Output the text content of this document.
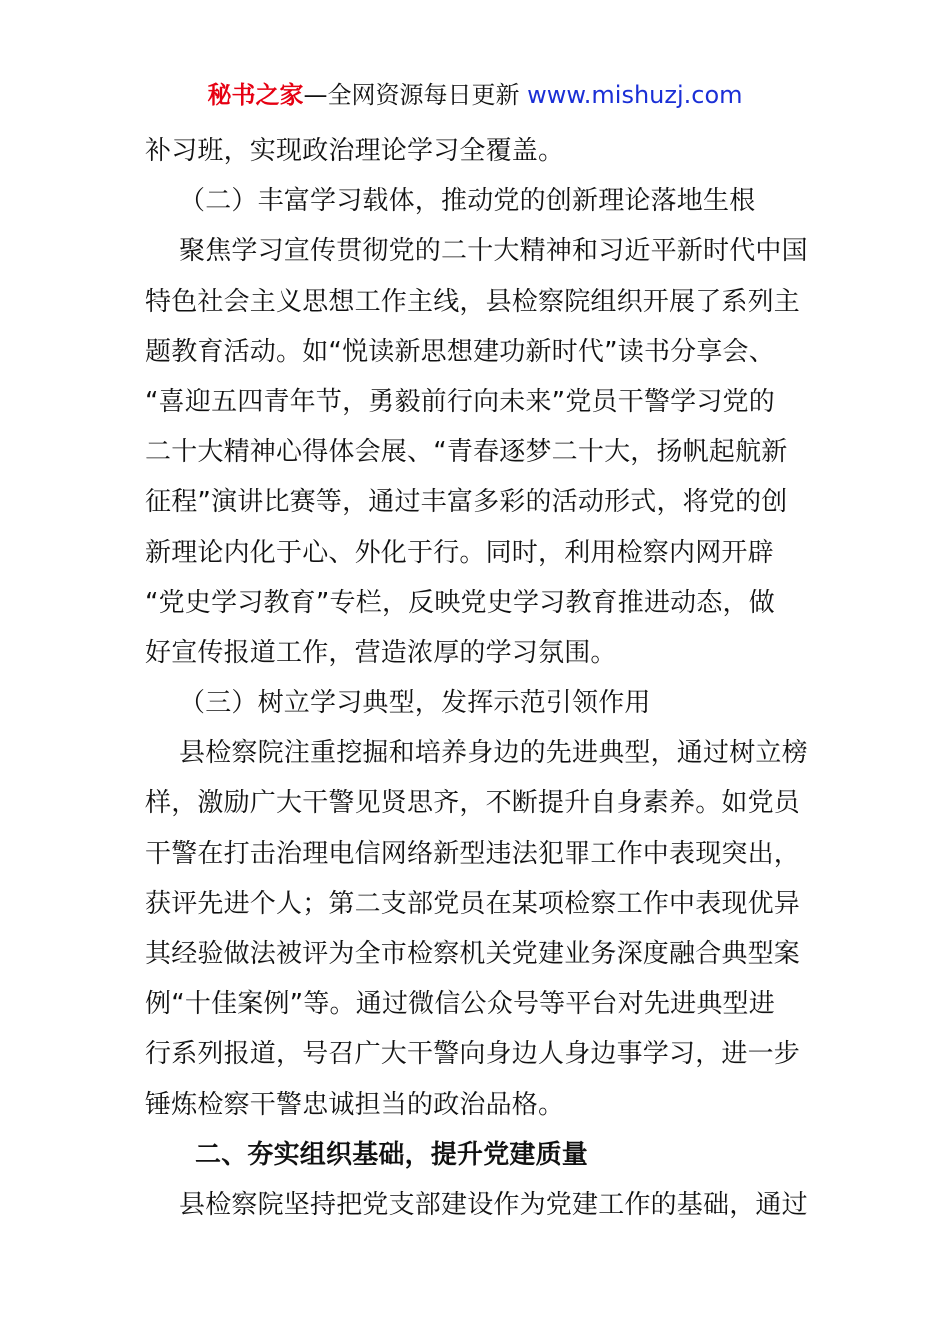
秘书之家—全网资源每日更新 www.mishuzj.com
补习班，实现政治理论学习全覆盖。
（二）丰富学习载体，推动党的创新理论落地生根
聚焦学习宣传贯彻党的二十大精神和习近平新时代中国
特色社会主义思想工作主线，县检察院组织开展了系列主
题教育活动。如“悦读新思想建功新时代”读书分享会、
“喜迎五四青年节，勇毅前行向未来”党员干警学习党的
二十大精神心得体会展、“青春逐梦二十大，扬帆起航新
征程”演讲比赛等，通过丰富多彩的活动形式，将党的创
新理论内化于心、外化于行。同时，利用检察内网开辟
“党史学习教育”专栏，反映党史学习教育推进动态，做
好宣传报道工作，营造浓厚的学习氛围。
（三）树立学习典型，发挥示范引领作用
县检察院注重挖掘和培养身边的先进典型，通过树立榜
样，激励广大干警见贤思齐，不断提升自身素养。如党员
干警在打击治理电信网络新型违法犯罪工作中表现突出，
获评先进个人；第二支部党员在某项检察工作中表现优异
其经验做法被评为全市检察机关党建业务深度融合典型案
例“十佳案例”等。通过微信公众号等平台对先进典型进
行系列报道，号召广大干警向身边人身边事学习，进一步
锤炼检察干警忠诚担当的政治品格。
二、夯实组织基础，提升党建质量
县检察院坚持把党支部建设作为党建工作的基础，通过
